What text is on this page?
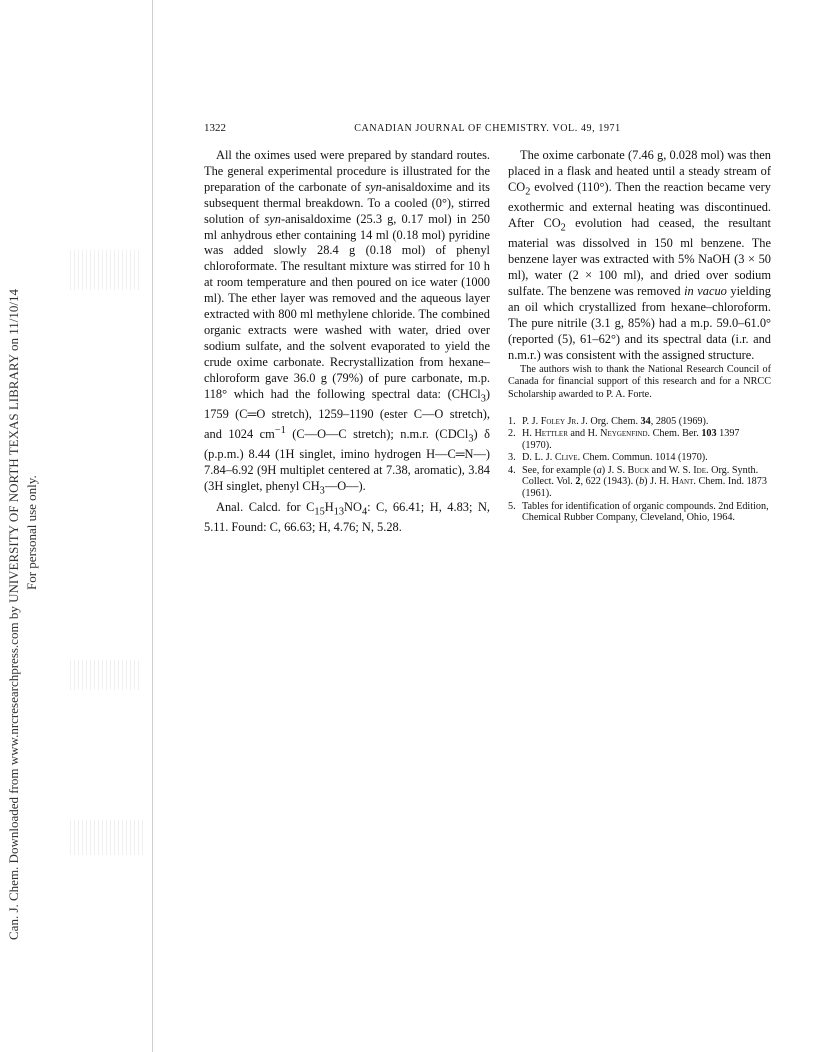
Can. J. Chem. Downloaded from www.nrcresearchpress.com by UNIVERSITY OF NORTH TEXAS LIBRARY on 11/10/14 For personal use only.
1322	CANADIAN JOURNAL OF CHEMISTRY. VOL. 49, 1971

All the oximes used were prepared by standard routes. The general experimental procedure is illustrated for the preparation of the carbonate of syn-anisaldoxime and its subsequent thermal breakdown. To a cooled (0°), stirred solution of syn-anisaldoxime (25.3 g, 0.17 mol) in 250 ml anhydrous ether containing 14 ml (0.18 mol) pyridine was added slowly 28.4 g (0.18 mol) of phenyl chloroformate. The resultant mixture was stirred for 10 h at room temperature and then poured on ice water (1000 ml). The ether layer was removed and the aqueous layer extracted with 800 ml methylene chloride. The combined organic extracts were washed with water, dried over sodium sulfate, and the solvent evaporated to yield the crude oxime carbonate. Recrystallization from hexane–chloroform gave 36.0 g (79%) of pure carbonate, m.p. 118° which had the following spectral data: (CHCl$_3$) 1759 (C═O stretch), 1259–1190 (ester C—O stretch), and 1024 $cm^{-1}$ (C—O—C stretch); n.m.r. (CDCl$_3$) δ (p.p.m.) 8.44 (1H singlet, imino hydrogen H—C═N—) 7.84–6.92 (9H multiplet centered at 7.38, aromatic), 3.84 (3H singlet, phenyl $CH_3—O—$).

Anal. Calcd. for $C_{15}H_{13}NO_4$: C, 66.41; H, 4.83; N, 5.11. Found: C, 66.63; H, 4.76; N, 5.28.

The oxime carbonate (7.46 g, 0.028 mol) was then placed in a flask and heated until a steady stream of $CO_2$ evolved (110°). Then the reaction became very exothermic and external heating was discontinued. After $CO_2$ evolution had ceased, the resultant material was dissolved in 150 ml benzene. The benzene layer was extracted with 5% NaOH (3 × 50 ml), water (2 × 100 ml), and dried over sodium sulfate. The benzene was removed in vacuo yielding an oil which crystallized from hexane–chloroform. The pure nitrile (3.1 g, 85%) had a m.p. 59.0–61.0° (reported (5), 61–62°) and its spectral data (i.r. and n.m.r.) was consistent with the assigned structure.

The authors wish to thank the National Research Council of Canada for financial support of this research and for a NRCC Scholarship awarded to P. A. Forte.

1. P. J. Foley Jr. J. Org. Chem. 34, 2805 (1969).
2. H. Hettler and H. Neygenfind. Chem. Ber. 103 1397 (1970).
3. D. L. J. Clive. Chem. Commun. 1014 (1970).
4. See, for example (a) J. S. Buck and W. S. Ide. Org. Synth. Collect. Vol. 2, 622 (1943). (b) J. H. Hant. Chem. Ind. 1873 (1961).
5. Tables for identification of organic compounds. 2nd Edition, Chemical Rubber Company, Cleveland, Ohio, 1964.
